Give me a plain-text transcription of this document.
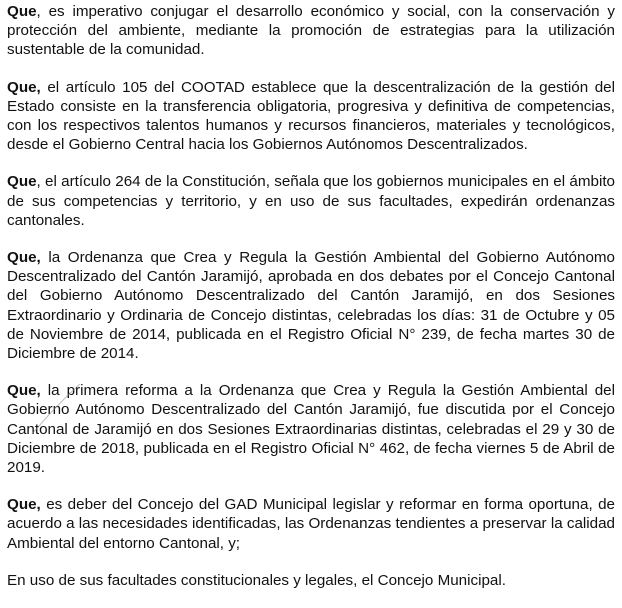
Que, es imperativo conjugar el desarrollo económico y social, con la conservación y protección del ambiente, mediante la promoción de estrategias para la utilización sustentable de la comunidad.

Que, el artículo 105 del COOTAD establece que la descentralización de la gestión del Estado consiste en la transferencia obligatoria, progresiva y definitiva de competencias, con los respectivos talentos humanos y recursos financieros, materiales y tecnológicos, desde el Gobierno Central hacia los Gobiernos Autónomos Descentralizados.

Que, el artículo 264 de la Constitución, señala que los gobiernos municipales en el ámbito de sus competencias y territorio, y en uso de sus facultades, expedirán ordenanzas cantonales.

Que, la Ordenanza que Crea y Regula la Gestión Ambiental del Gobierno Autónomo Descentralizado del Cantón Jaramijó, aprobada en dos debates por el Concejo Cantonal del Gobierno Autónomo Descentralizado del Cantón Jaramijó, en dos Sesiones Extraordinario y Ordinaria de Concejo distintas, celebradas los días: 31 de Octubre y 05 de Noviembre de 2014, publicada en el Registro Oficial N° 239, de fecha martes 30 de Diciembre de 2014.

Que, la primera reforma a la Ordenanza que Crea y Regula la Gestión Ambiental del Gobierno Autónomo Descentralizado del Cantón Jaramijó, fue discutida por el Concejo Cantonal de Jaramijó en dos Sesiones Extraordinarias distintas, celebradas el 29 y 30 de Diciembre de 2018, publicada en el Registro Oficial N° 462, de fecha viernes 5 de Abril de 2019.

Que, es deber del Concejo del GAD Municipal legislar y reformar en forma oportuna, de acuerdo a las necesidades identificadas, las Ordenanzas tendientes a preservar la calidad Ambiental del entorno Cantonal, y;

En uso de sus facultades constitucionales y legales, el Concejo Municipal.
